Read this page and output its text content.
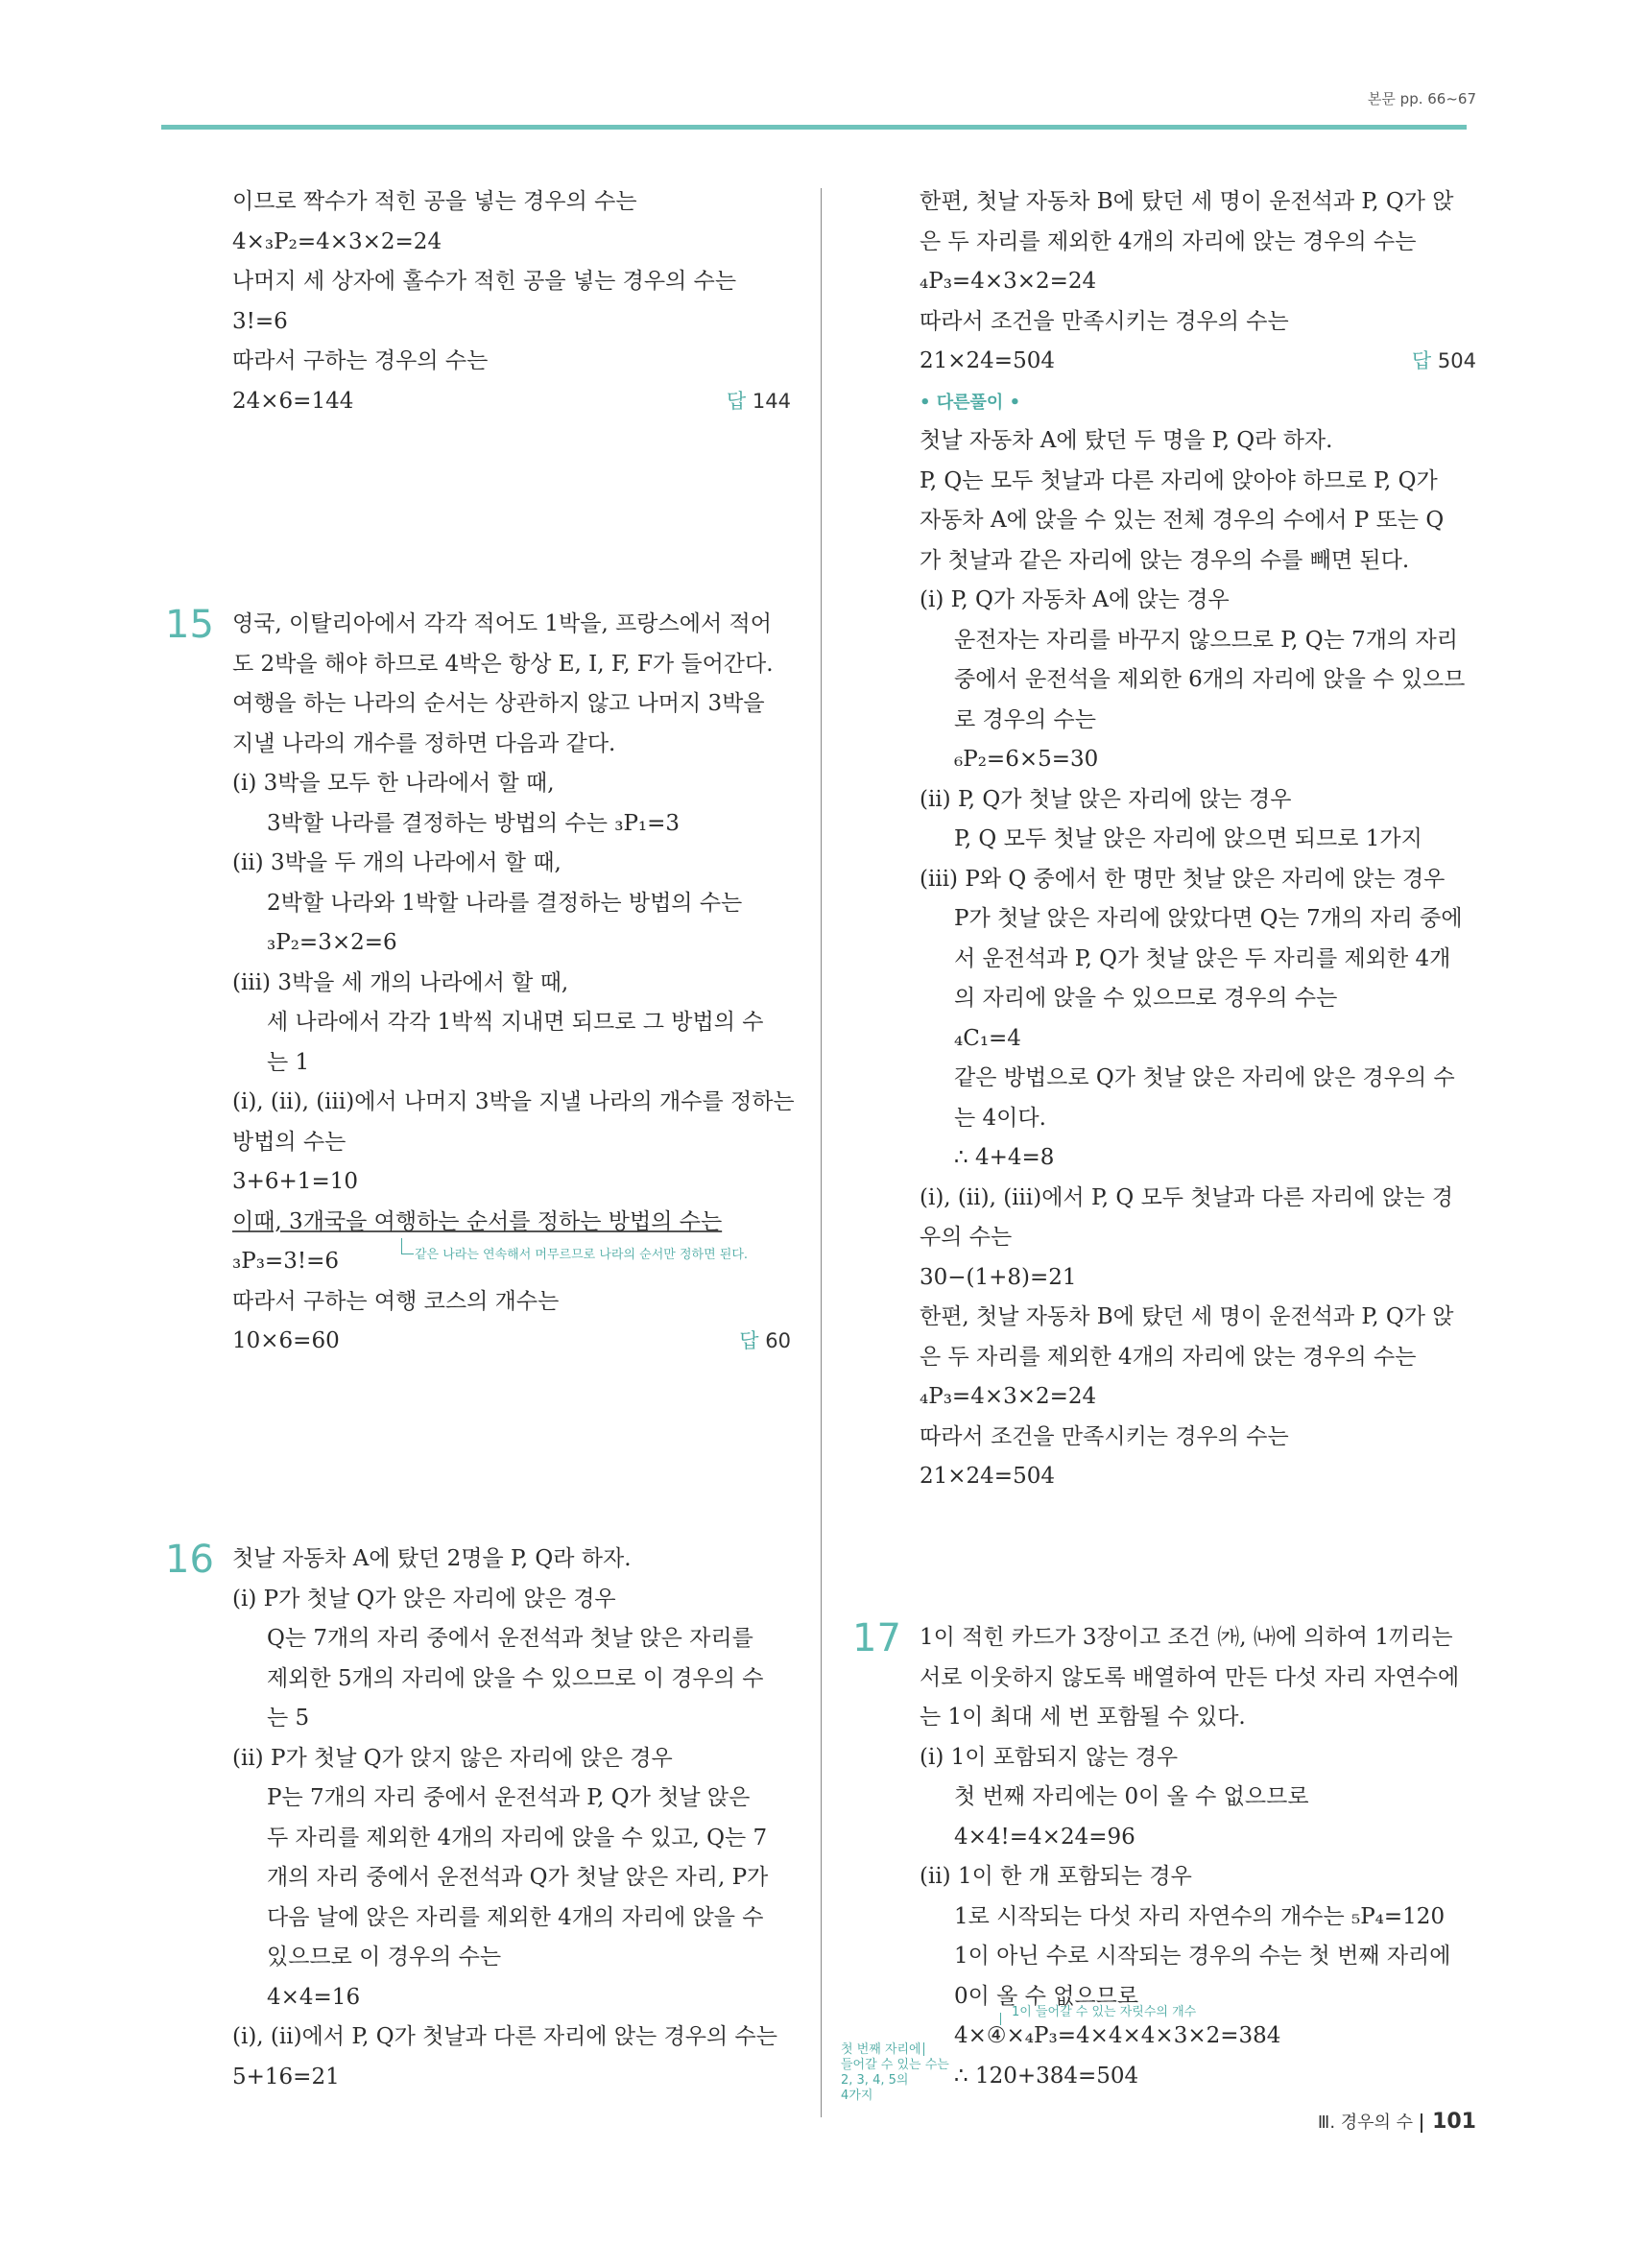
본문 pp. 66~67
이므로 짝수가 적힌 공을 넣는 경우의 수는
4×₃P₂=4×3×2=24
나머지 세 상자에 홀수가 적힌 공을 넣는 경우의 수는
3!=6
따라서 구하는 경우의 수는
24×6=144	답 144
15 영국, 이탈리아에서 각각 적어도 1박을, 프랑스에서 적어
도 2박을 해야 하므로 4박은 항상 E, I, F, F가 들어간다.
여행을 하는 나라의 순서는 상관하지 않고 나머지 3박을
지낼 나라의 개수를 정하면 다음과 같다.
(ⅰ) 3박을 모두 한 나라에서 할 때,
3박할 나라를 결정하는 방법의 수는 ₃P₁=3
(ⅱ) 3박을 두 개의 나라에서 할 때,
2박할 나라와 1박할 나라를 결정하는 방법의 수는
₃P₂=3×2=6
(ⅲ) 3박을 세 개의 나라에서 할 때,
세 나라에서 각각 1박씩 지내면 되므로 그 방법의 수
는 1
(ⅰ), (ⅱ), (ⅲ)에서 나머지 3박을 지낼 나라의 개수를 정하는
방법의 수는
3+6+1=10
이때, 3개국을 여행하는 순서를 정하는 방법의 수는
₃P₃=3!=6	같은 나라는 연속해서 머무르므로 나라의 순서만 정하면 된다.
따라서 구하는 여행 코스의 개수는
10×6=60	답 60
16 첫날 자동차 A에 탔던 2명을 P, Q라 하자.
(ⅰ) P가 첫날 Q가 앉은 자리에 앉은 경우
Q는 7개의 자리 중에서 운전석과 첫날 앉은 자리를
제외한 5개의 자리에 앉을 수 있으므로 이 경우의 수
는 5
(ⅱ) P가 첫날 Q가 앉지 않은 자리에 앉은 경우
P는 7개의 자리 중에서 운전석과 P, Q가 첫날 앉은
두 자리를 제외한 4개의 자리에 앉을 수 있고, Q는 7
개의 자리 중에서 운전석과 Q가 첫날 앉은 자리, P가
다음 날에 앉은 자리를 제외한 4개의 자리에 앉을 수
있으므로 이 경우의 수는
4×4=16
(ⅰ), (ⅱ)에서 P, Q가 첫날과 다른 자리에 앉는 경우의 수는
5+16=21
한편, 첫날 자동차 B에 탔던 세 명이 운전석과 P, Q가 앉
은 두 자리를 제외한 4개의 자리에 앉는 경우의 수는
₄P₃=4×3×2=24
따라서 조건을 만족시키는 경우의 수는
21×24=504	답 504
• 다른풀이 •
첫날 자동차 A에 탔던 두 명을 P, Q라 하자.
P, Q는 모두 첫날과 다른 자리에 앉아야 하므로 P, Q가
자동차 A에 앉을 수 있는 전체 경우의 수에서 P 또는 Q
가 첫날과 같은 자리에 앉는 경우의 수를 빼면 된다.
(ⅰ) P, Q가 자동차 A에 앉는 경우
운전자는 자리를 바꾸지 않으므로 P, Q는 7개의 자리
중에서 운전석을 제외한 6개의 자리에 앉을 수 있으므
로 경우의 수는
₆P₂=6×5=30
(ⅱ) P, Q가 첫날 앉은 자리에 앉는 경우
P, Q 모두 첫날 앉은 자리에 앉으면 되므로 1가지
(ⅲ) P와 Q 중에서 한 명만 첫날 앉은 자리에 앉는 경우
P가 첫날 앉은 자리에 앉았다면 Q는 7개의 자리 중에
서 운전석과 P, Q가 첫날 앉은 두 자리를 제외한 4개
의 자리에 앉을 수 있으므로 경우의 수는
₄C₁=4
같은 방법으로 Q가 첫날 앉은 자리에 앉은 경우의 수
는 4이다.
∴ 4+4=8
(ⅰ), (ⅱ), (ⅲ)에서 P, Q 모두 첫날과 다른 자리에 앉는 경
우의 수는
30−(1+8)=21
한편, 첫날 자동차 B에 탔던 세 명이 운전석과 P, Q가 앉
은 두 자리를 제외한 4개의 자리에 앉는 경우의 수는
₄P₃=4×3×2=24
따라서 조건을 만족시키는 경우의 수는
21×24=504
17 1이 적힌 카드가 3장이고 조건 ㈎, ㈏에 의하여 1끼리는
서로 이웃하지 않도록 배열하여 만든 다섯 자리 자연수에
는 1이 최대 세 번 포함될 수 있다.
(ⅰ) 1이 포함되지 않는 경우
첫 번째 자리에는 0이 올 수 없으므로
4×4!=4×24=96
(ⅱ) 1이 한 개 포함되는 경우
1로 시작되는 다섯 자리 자연수의 개수는 ₅P₄=120
1이 아닌 수로 시작되는 경우의 수는 첫 번째 자리에
0이 올 수 없으므로
4×④×₄P₃=4×4×4×3×2=384
1이 들어갈 수 있는 자릿수의 개수
∴ 120+384=504
첫 번째 자리에
들어갈 수 있는 수는
2, 3, 4, 5의
4가지
Ⅲ. 경우의 수 101
